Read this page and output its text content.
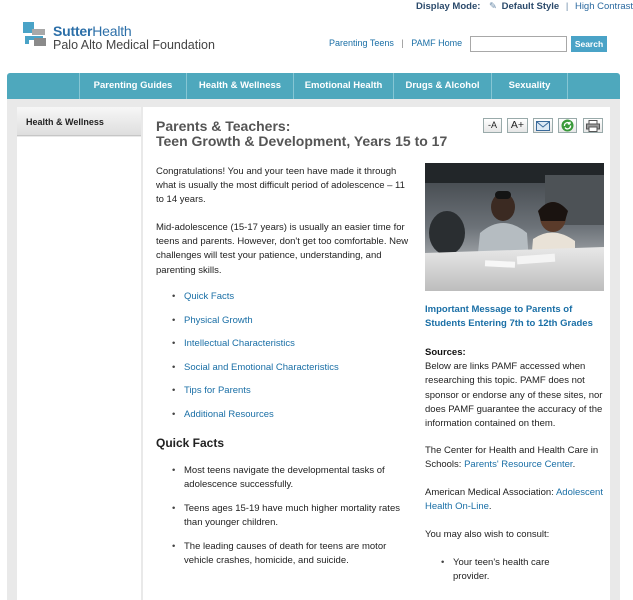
Display Mode: ✎ Default Style | High Contrast
SutterHealth
Palo Alto Medical Foundation	Parenting Teens | PAMF Home	Search
Parenting Guides	Health & Wellness	Emotional Health	Drugs & Alcohol	Sexuality
Health & Wellness	Parents & Teachers:
Teen Growth & Development, Years 15 to 17
-A	A+
Congratulations! You and your teen have made it through what is usually the most difficult period of adolescence – 11 to 14 years.
Mid-adolescence (15-17 years) is usually an easier time for teens and parents. However, don't get too comfortable. New challenges will test your patience, understanding, and parenting skills.
• Quick Facts
• Physical Growth
• Intellectual Characteristics
• Social and Emotional Characteristics
• Tips for Parents
• Additional Resources
Quick Facts
• Most teens navigate the developmental tasks of adolescence successfully.
• Teens ages 15-19 have much higher mortality rates than younger children.
• The leading causes of death for teens are motor vehicle crashes, homicide, and suicide.
Important Message to Parents of Students Entering 7th to 12th Grades
Sources:
Below are links PAMF accessed when researching this topic. PAMF does not sponsor or endorse any of these sites, nor does PAMF guarantee the accuracy of the information contained on them.
The Center for Health and Health Care in Schools: Parents' Resource Center.
American Medical Association: Adolescent Health On-Line.
You may also wish to consult:
• Your teen's health care provider.
